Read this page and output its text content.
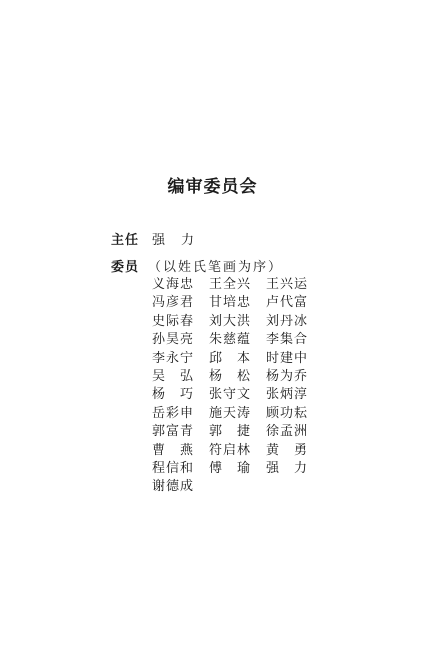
编审委员会
主任 强力
委员 （以姓氏笔画为序）
义海忠	王全兴	王兴运
冯彦君	甘培忠	卢代富
史际春	刘大洪	刘丹冰
孙昊亮	朱慈蕴	李集合
李永宁	邱本 时建中
吴弘 杨松 杨为乔
杨巧 张守文	张炳淳
岳彩申	施天涛	顾功耘
郭富青	郭捷 徐孟洲
曹燕 符启林	黄勇
程信和	傅瑜 强力
谢德成
